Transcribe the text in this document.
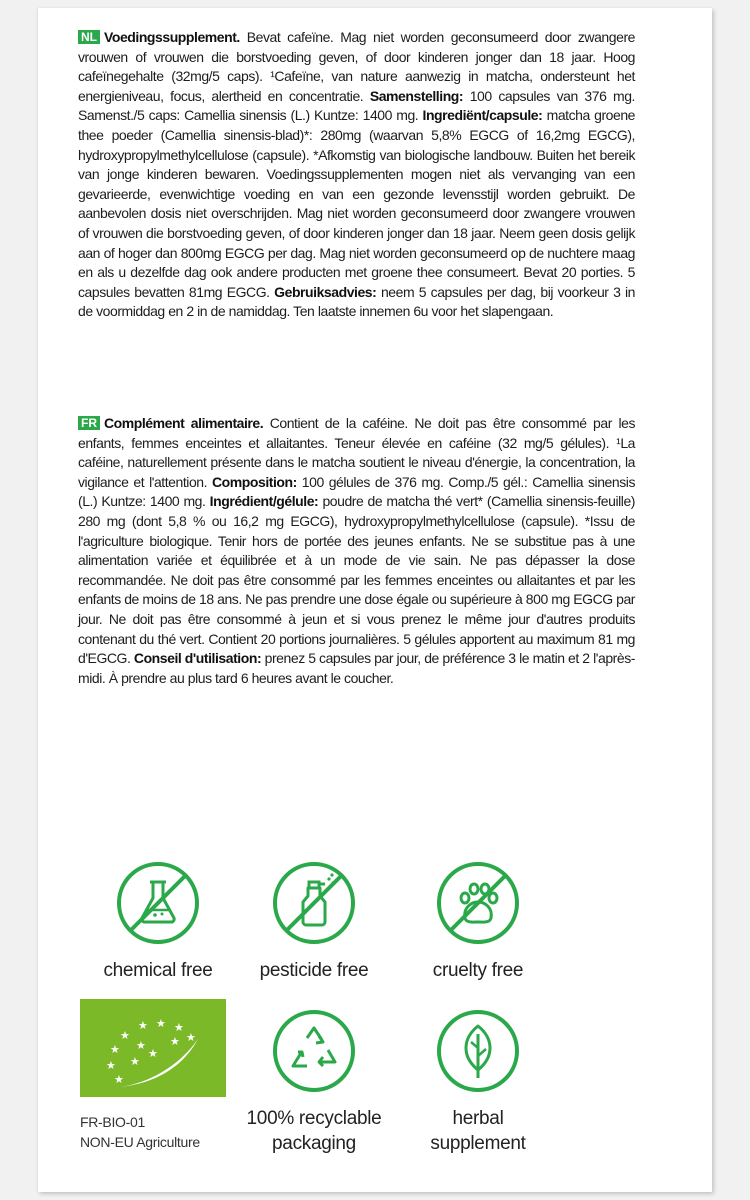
NL Voedingssupplement. Bevat cafeïne. Mag niet worden geconsumeerd door zwangere vrouwen of vrouwen die borstvoeding geven, of door kinderen jonger dan 18 jaar. Hoog cafeïnegehalte (32mg/5 caps). ¹Cafeïne, van nature aanwezig in matcha, ondersteunt het energieniveau, focus, alertheid en concentratie. Samenstelling: 100 capsules van 376 mg. Samenst./5 caps: Camellia sinensis (L.) Kuntze: 1400 mg. Ingrediënt/capsule: matcha groene thee poeder (Camellia sinensis-blad)*: 280mg (waarvan 5,8% EGCG of 16,2mg EGCG), hydroxypropylmethylcellulose (capsule). *Afkomstig van biologische landbouw. Buiten het bereik van jonge kinderen bewaren. Voedingssupplementen mogen niet als vervanging van een gevarieerde, evenwichtige voeding en van een gezonde levensstijl worden gebruikt. De aanbevolen dosis niet overschrijden. Mag niet worden geconsumeerd door zwangere vrouwen of vrouwen die borstvoeding geven, of door kinderen jonger dan 18 jaar. Neem geen dosis gelijk aan of hoger dan 800mg EGCG per dag. Mag niet worden geconsumeerd op de nuchtere maag en als u dezelfde dag ook andere producten met groene thee consumeert. Bevat 20 porties. 5 capsules bevatten 81mg EGCG. Gebruiksadvies: neem 5 capsules per dag, bij voorkeur 3 in de voormiddag en 2 in de namiddag. Ten laatste innemen 6u voor het slapengaan.
FR Complément alimentaire. Contient de la caféine. Ne doit pas être consommé par les enfants, femmes enceintes et allaitantes. Teneur élevée en caféine (32 mg/5 gélules). ¹La caféine, naturellement présente dans le matcha soutient le niveau d'énergie, la concentration, la vigilance et l'attention. Composition: 100 gélules de 376 mg. Comp./5 gél.: Camellia sinensis (L.) Kuntze: 1400 mg. Ingrédient/gélule: poudre de matcha thé vert* (Camellia sinensis-feuille) 280 mg (dont 5,8 % ou 16,2 mg EGCG), hydroxypropylmethylcellulose (capsule). *Issu de l'agriculture biologique. Tenir hors de portée des jeunes enfants. Ne se substitue pas à une alimentation variée et équilibrée et à un mode de vie sain. Ne pas dépasser la dose recommandée. Ne doit pas être consommé par les femmes enceintes ou allaitantes et par les enfants de moins de 18 ans. Ne pas prendre une dose égale ou supérieure à 800 mg EGCG par jour. Ne doit pas être consommé à jeun et si vous prenez le même jour d'autres produits contenant du thé vert. Contient 20 portions journalières. 5 gélules apportent au maximum 81 mg d'EGCG. Conseil d'utilisation: prenez 5 capsules par jour, de préférence 3 le matin et 2 l'après-midi. À prendre au plus tard 6 heures avant le coucher.
chemical free	pesticide free	cruelty free
★
★ ★ ★
★
★
★
★
★
★
★ ★
FR-BIO-01
NON-EU Agriculture
100% recyclable
packaging
herbal
supplement
